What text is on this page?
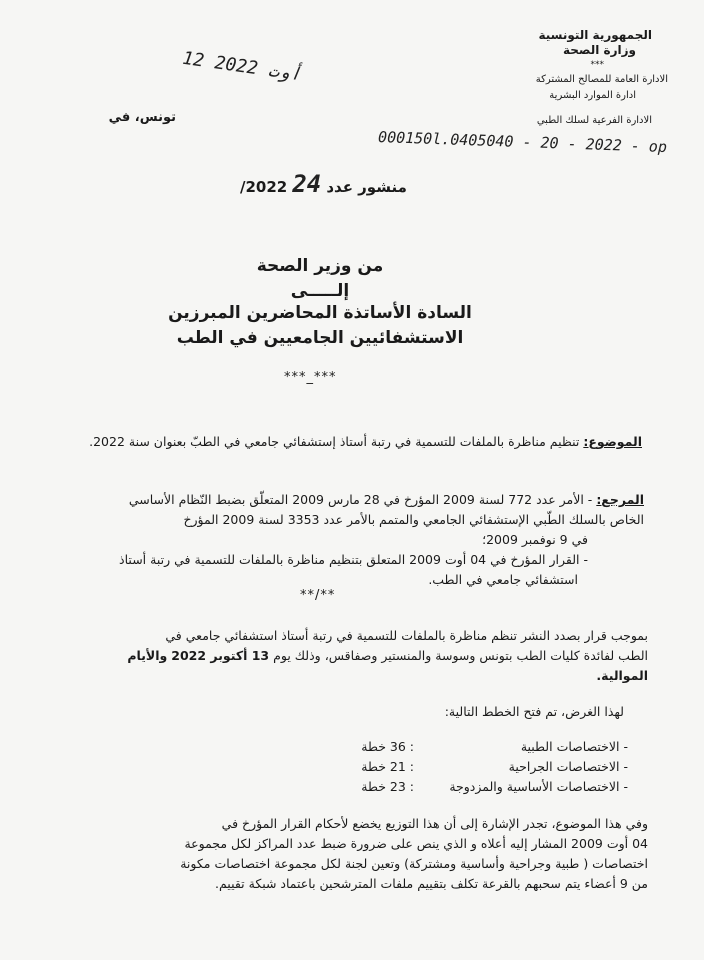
الجمهورية التونسية
وزارة الصحة
***
الادارة العامة للمصالح المشتركة
ادارة الموارد البشرية
الادارة الفرعية لسلك الطبي
12 أوت 2022
تونس، في
000150l.0405040 - 20 - 2022 - op
منشور عدد 24 2022/
من وزير الصحة
إلـــــى
السادة الأساتذة المحاضرين المبرزين
الاستشفائيين الجامعيين في الطب
***_***
الموضوع: تنظيم مناظرة بالملفات للتسمية في رتبة أستاذ إستشفائي جامعي في الطبّ بعنوان سنة 2022.
المرجع: - الأمر عدد 772 لسنة 2009 المؤرخ في 28 مارس 2009 المتعلّق بضبط النّظام الأساسي
الخاص بالسلك الطّبي الإستشفائي الجامعي والمتمم بالأمر عدد 3353 لسنة 2009 المؤرخ
في 9 نوفمبر 2009؛
- القرار المؤرخ في 04 أوت 2009 المتعلق بتنظيم مناظرة بالملفات للتسمية في رتبة أستاذ
استشفائي جامعي في الطب.
**/**
بموجب قرار بصدد النشر تنظم مناظرة بالملفات للتسمية في رتبة أستاذ استشفائي جامعي في
الطب لفائدة كليات الطب بتونس وسوسة والمنستير وصفاقس، وذلك يوم 13 أكتوبر 2022 والأيام
الموالية.
لهذا الغرض، تم فتح الخطط التالية:
- الاختصاصات الطبية : 36 خطة
- الاختصاصات الجراحية : 21 خطة
- الاختصاصات الأساسية والمزدوجة : 23 خطة
وفي هذا الموضوع، تجدر الإشارة إلى أن هذا التوزيع يخضع لأحكام القرار المؤرخ في
04 أوت 2009 المشار إليه أعلاه و الذي ينص على ضرورة ضبط عدد المراكز لكل مجموعة
اختصاصات ( طبية وجراحية وأساسية ومشتركة) وتعين لجنة لكل مجموعة اختصاصات مكونة
من 9 أعضاء يتم سحبهم بالقرعة تكلف بتقييم ملفات المترشحين باعتماد شبكة تقييم.
